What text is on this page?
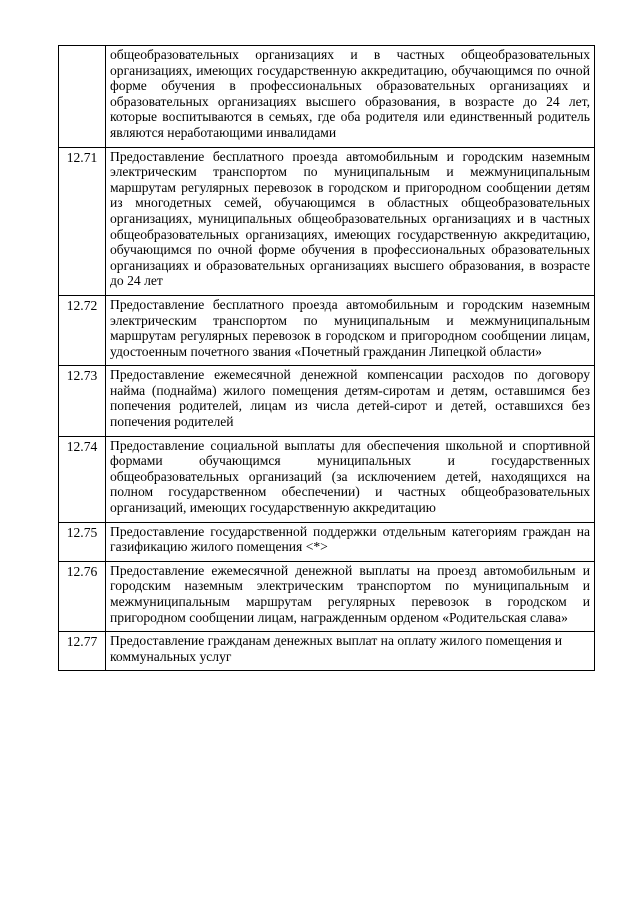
	общеобразовательных организациях и в частных общеобразовательных организациях, имеющих государственную аккредитацию, обучающимся по очной форме обучения в профессиональных образовательных организациях и образовательных организациях высшего образования, в возрасте до 24 лет, которые воспитываются в семьях, где оба родителя или единственный родитель являются неработающими инвалидами
12.71	Предоставление бесплатного проезда автомобильным и городским наземным электрическим транспортом по муниципальным и межмуниципальным маршрутам регулярных перевозок в городском и пригородном сообщении детям из многодетных семей, обучающимся в областных общеобразовательных организациях, муниципальных общеобразовательных организациях и в частных общеобразовательных организациях, имеющих государственную аккредитацию, обучающимся по очной форме обучения в профессиональных образовательных организациях и образовательных организациях высшего образования, в возрасте до 24 лет
12.72	Предоставление бесплатного проезда автомобильным и городским наземным электрическим транспортом по муниципальным и межмуниципальным маршрутам регулярных перевозок в городском и пригородном сообщении лицам, удостоенным почетного звания «Почетный гражданин Липецкой области»
12.73	Предоставление ежемесячной денежной компенсации расходов по договору найма (поднайма) жилого помещения детям-сиротам и детям, оставшимся без попечения родителей, лицам из числа детей-сирот и детей, оставшихся без попечения родителей
12.74	Предоставление социальной выплаты для обеспечения школьной и спортивной формами обучающимся муниципальных и государственных общеобразовательных организаций (за исключением детей, находящихся на полном государственном обеспечении) и частных общеобразовательных организаций, имеющих государственную аккредитацию
12.75	Предоставление государственной поддержки отдельным категориям граждан на газификацию жилого помещения <*>
12.76	Предоставление ежемесячной денежной выплаты на проезд автомобильным и городским наземным электрическим транспортом по муниципальным и межмуниципальным маршрутам регулярных перевозок в городском и пригородном сообщении лицам, награжденным орденом «Родительская слава»
12.77	Предоставление гражданам денежных выплат на оплату жилого помещения и коммунальных услуг
